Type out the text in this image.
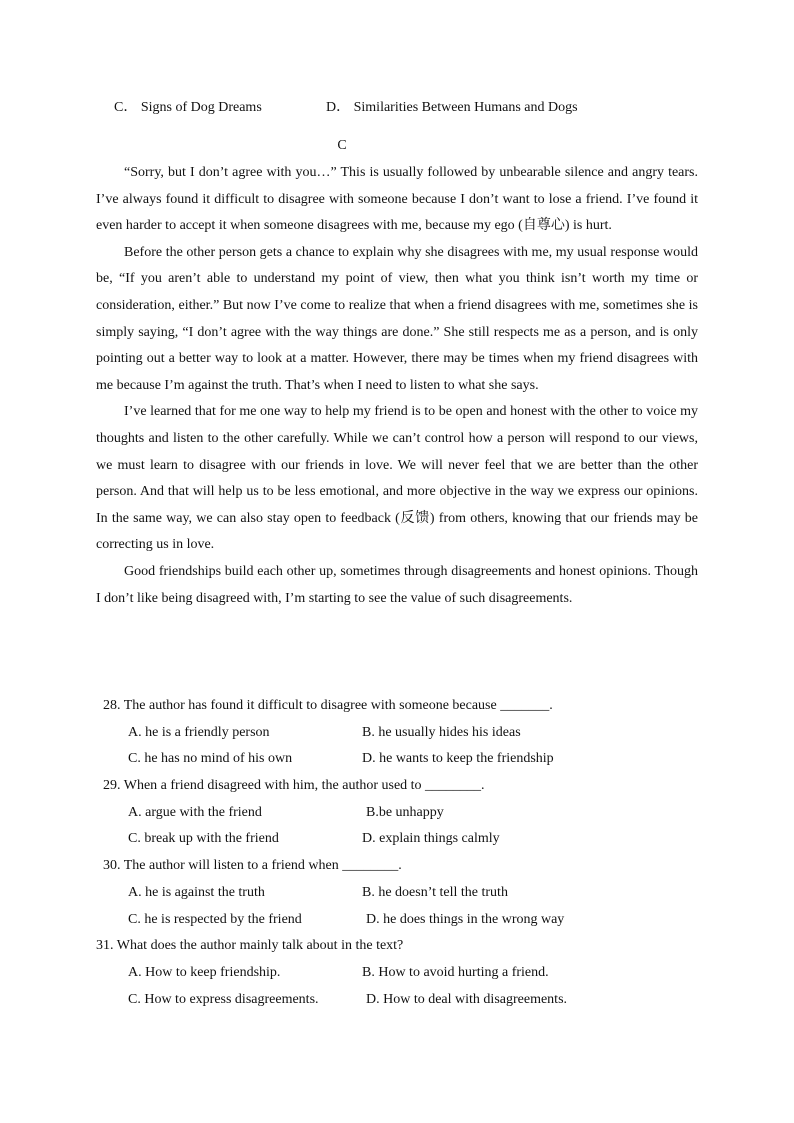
C． Signs of Dog Dreams	D． Similarities Between Humans and Dogs
C

“Sorry, but I don’t agree with you…” This is usually followed by unbearable silence and angry tears. I’ve always found it difficult to disagree with someone because I don’t want to lose a friend. I’ve found it even harder to accept it when someone disagrees with me, because my ego (自尊心) is hurt.

Before the other person gets a chance to explain why she disagrees with me, my usual response would be, “If you aren’t able to understand my point of view, then what you think isn’t worth my time or consideration, either.” But now I’ve come to realize that when a friend disagrees with me, sometimes she is simply saying, “I don’t agree with the way things are done.” She still respects me as a person, and is only pointing out a better way to look at a matter. However, there may be times when my friend disagrees with me because I’m against the truth. That’s when I need to listen to what she says.

I’ve learned that for me one way to help my friend is to be open and honest with the other to voice my thoughts and listen to the other carefully. While we can’t control how a person will respond to our views, we must learn to disagree with our friends in love. We will never feel that we are better than the other person. And that will help us to be less emotional, and more objective in the way we express our opinions. In the same way, we can also stay open to feedback (反馈) from others, knowing that our friends may be correcting us in love.

Good friendships build each other up, sometimes through disagreements and honest opinions. Though I don’t like being disagreed with, I’m starting to see the value of such disagreements.

28. The author has found it difficult to disagree with someone because _______.
A. he is a friendly person	B. he usually hides his ideas
C. he has no mind of his own	D. he wants to keep the friendship
29. When a friend disagreed with him, the author used to ________.
A. argue with the friend	B.be unhappy
C. break up with the friend	D. explain things calmly
30. The author will listen to a friend when ________.
A. he is against the truth	B. he doesn’t tell the truth
C. he is respected by the friend	D. he does things in the wrong way
31. What does the author mainly talk about in the text?
A. How to keep friendship.	B. How to avoid hurting a friend.
C. How to express disagreements.	D. How to deal with disagreements.
